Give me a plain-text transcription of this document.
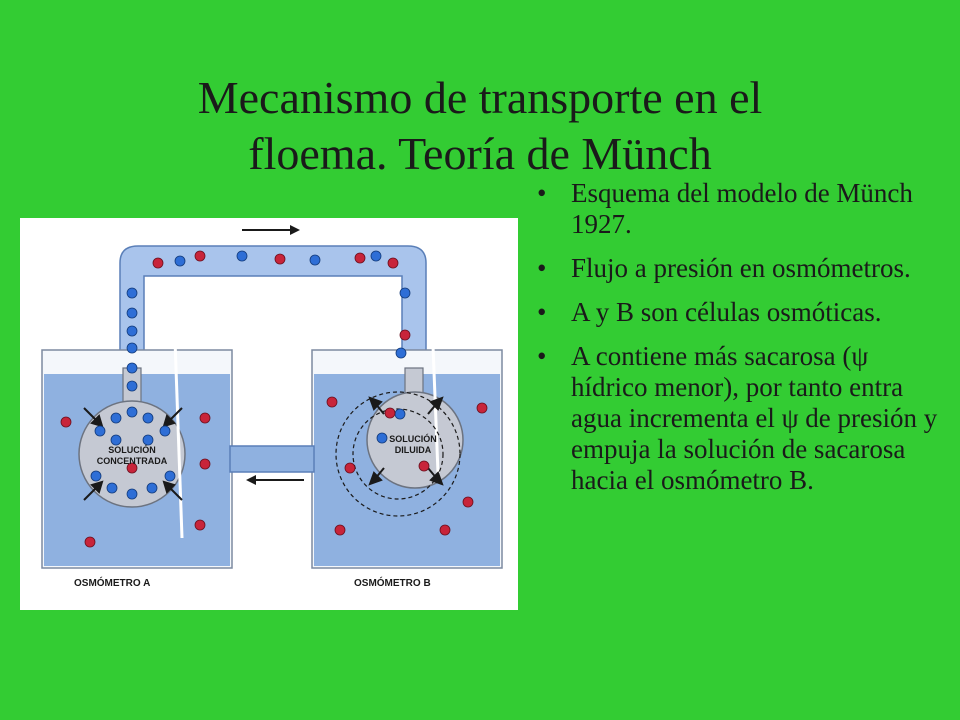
Mecanismo de transporte en el
floema. Teoría de Münch
SOLUCIÓN
CONCENTRADA
SOLUCIÓN
DILUIDA
OSMÓMETRO A	OSMÓMETRO B
• Esquema del modelo de Münch 1927.
• Flujo a presión en osmómetros.
• A y B son células osmóticas.
• A contiene más sacarosa (ψ hídrico menor), por tanto entra agua incrementa el ψ de presión y empuja la solución de sacarosa hacia el osmómetro B.
